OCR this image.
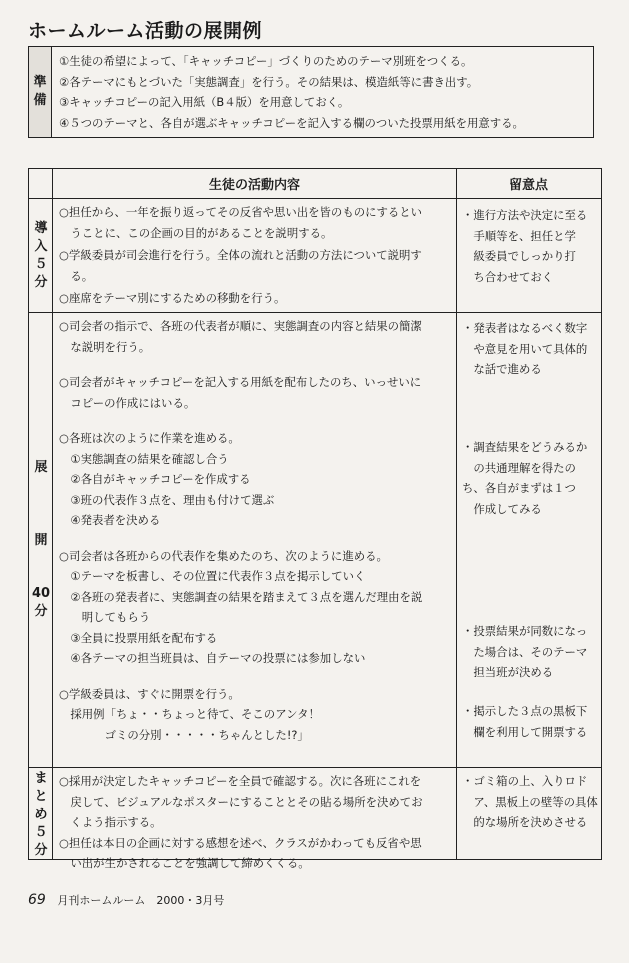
ホームルーム活動の展開例
準
備
①生徒の希望によって、「キャッチコピー」づくりのためのテーマ別班をつくる。
②各テーマにもとづいた「実態調査」を行う。その結果は、模造紙等に書き出す。
③キャッチコピーの記入用紙（B４版）を用意しておく。
④５つのテーマと、各自が選ぶキャッチコピーを記入する欄のついた投票用紙を用意する。
生徒の活動内容	留意点
導
入
５
分
○担任から、一年を振り返ってその反省や思い出を皆のものにするとい
　うことに、この企画の目的があることを説明する。
○学級委員が司会進行を行う。全体の流れと活動の方法について説明す
　る。
○座席をテーマ別にするための移動を行う。
・進行方法や決定に至る
　手順等を、担任と学
　級委員でしっかり打
　ち合わせておく
展
開
40
分
○司会者の指示で、各班の代表者が順に、実態調査の内容と結果の簡潔
　な説明を行う。
○司会者がキャッチコピーを記入する用紙を配布したのち、いっせいに
　コピーの作成にはいる。
○各班は次のように作業を進める。
　①実態調査の結果を確認し合う
　②各自がキャッチコピーを作成する
　③班の代表作３点を、理由も付けて選ぶ
　④発表者を決める
○司会者は各班からの代表作を集めたのち、次のように進める。
　①テーマを板書し、その位置に代表作３点を掲示していく
　②各班の発表者に、実態調査の結果を踏まえて３点を選んだ理由を説
　　明してもらう
　③全員に投票用紙を配布する
　④各テーマの担当班員は、自テーマの投票には参加しない
○学級委員は、すぐに開票を行う。
　採用例「ちょ・・ちょっと待て、そこのアンタ！
　　　　ゴミの分別・・・・・ちゃんとした!?」
・発表者はなるべく数字
　や意見を用いて具体的
　な話で進める
・調査結果をどうみるか
　の共通理解を得たのち、各自がまずは１つ
　作成してみる
・投票結果が同数になっ
　た場合は、そのテーマ
　担当班が決める
・掲示した３点の黒板下
　欄を利用して開票する
ま
と
め
５
分
○採用が決定したキャッチコピーを全員で確認する。次に各班にこれを
　戻して、ビジュアルなポスターにすることとその貼る場所を決めてお
　くよう指示する。
○担任は本日の企画に対する感想を述べ、クラスがかわっても反省や思
　い出が生かされることを強調して締めくくる。
・ゴミ箱の上、入りロド
　ア、黒板上の壁等の具体
　的な場所を決めさせる
69 月刊ホームルーム　2000・3月号
